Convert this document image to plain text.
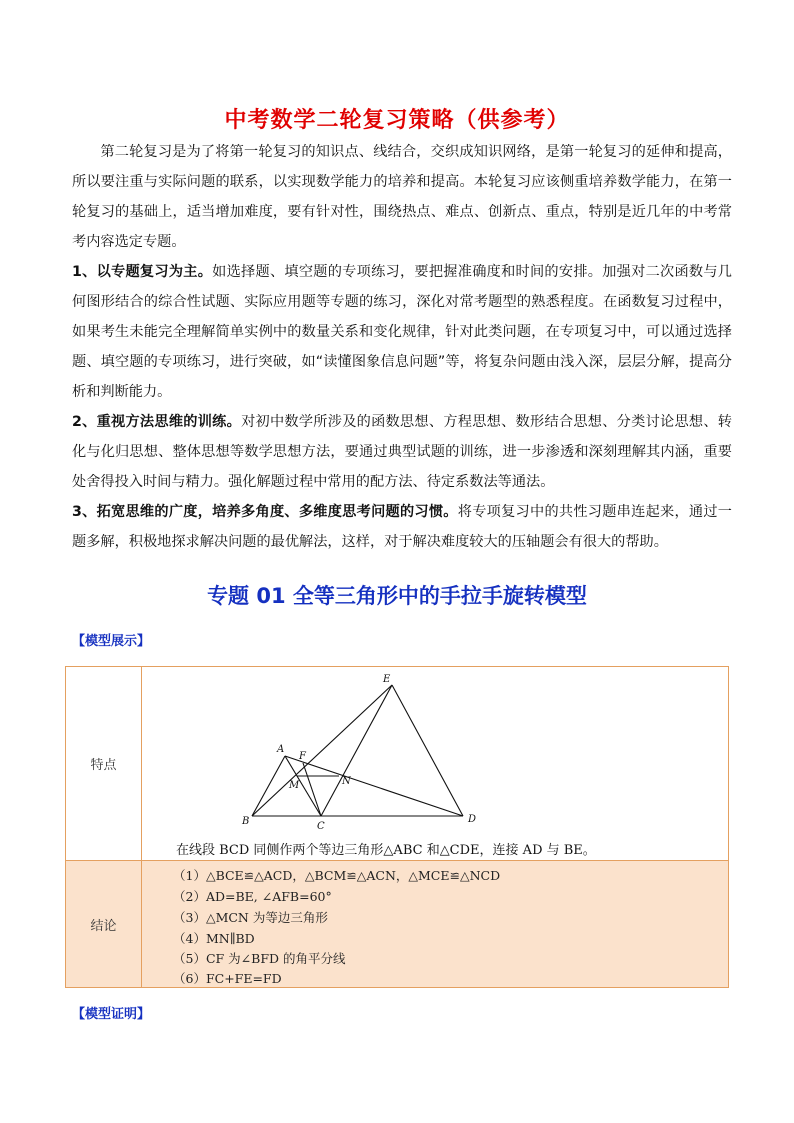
中考数学二轮复习策略（供参考）
第二轮复习是为了将第一轮复习的知识点、线结合，交织成知识网络，是第一轮复习的延伸和提高，所以要注重与实际问题的联系，以实现数学能力的培养和提高。本轮复习应该侧重培养数学能力，在第一轮复习的基础上，适当增加难度，要有针对性，围绕热点、难点、创新点、重点，特别是近几年的中考常考内容选定专题。
1、以专题复习为主。如选择题、填空题的专项练习，要把握准确度和时间的安排。加强对二次函数与几何图形结合的综合性试题、实际应用题等专题的练习，深化对常考题型的熟悉程度。在函数复习过程中，如果考生未能完全理解简单实例中的数量关系和变化规律，针对此类问题，在专项复习中，可以通过选择题、填空题的专项练习，进行突破，如“读懂图象信息问题”等，将复杂问题由浅入深，层层分解，提高分析和判断能力。
2、重视方法思维的训练。对初中数学所涉及的函数思想、方程思想、数形结合思想、分类讨论思想、转化与化归思想、整体思想等数学思想方法，要通过典型试题的训练，进一步渗透和深刻理解其内涵，重要处舍得投入时间与精力。强化解题过程中常用的配方法、待定系数法等通法。
3、拓宽思维的广度，培养多角度、多维度思考问题的习惯。将专项复习中的共性习题串连起来，通过一题多解，积极地探求解决问题的最优解法，这样，对于解决难度较大的压轴题会有很大的帮助。
专题 01 全等三角形中的手拉手旋转模型
【模型展示】
特点
A
B	C
D
E
F
M	N
在线段 BCD 同侧作两个等边三角形△ABC 和△CDE，连接 AD 与 BE。
结论
（1）△BCE≌△ACD，△BCM≌△ACN，△MCE≌△NCD
（2）AD=BE, ∠AFB=60°
（3）△MCN 为等边三角形
（4）MN∥BD
（5）CF 为∠BFD 的角平分线
（6）FC+FE=FD
【模型证明】
